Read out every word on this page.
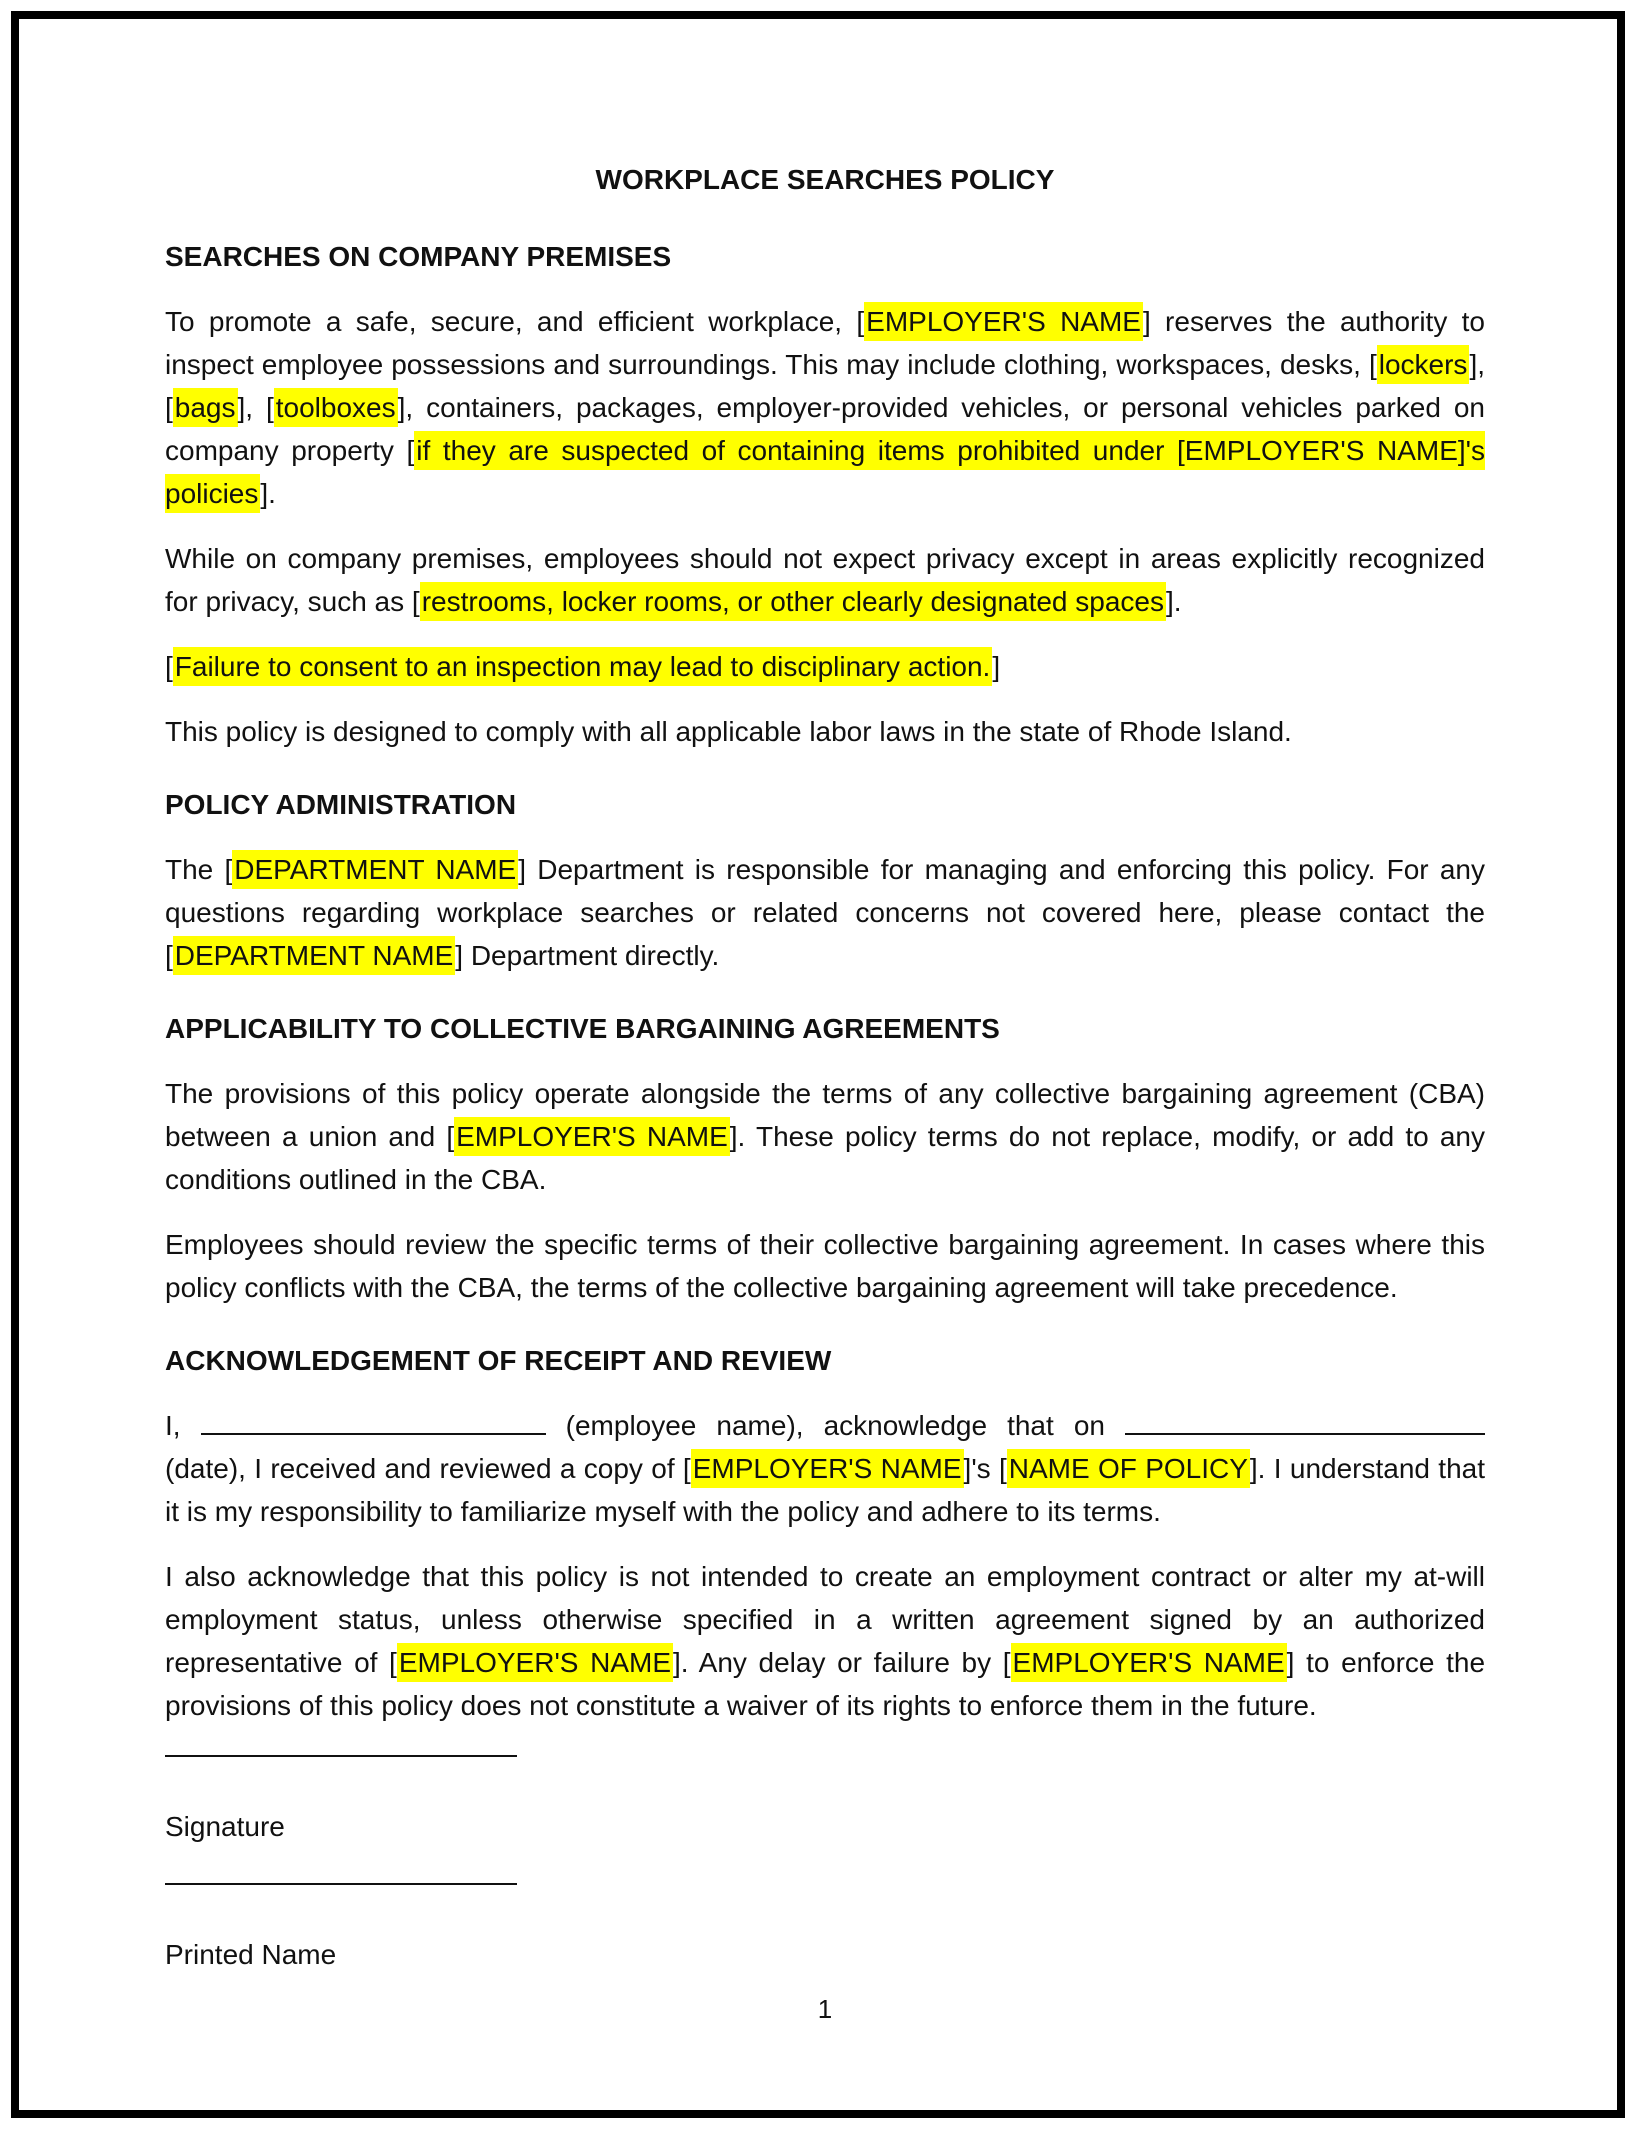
WORKPLACE SEARCHES POLICY
SEARCHES ON COMPANY PREMISES

To promote a safe, secure, and efficient workplace, [EMPLOYER'S NAME] reserves the authority to inspect employee possessions and surroundings. This may include clothing, workspaces, desks, [lockers], [bags], [toolboxes], containers, packages, employer-provided vehicles, or personal vehicles parked on company property [if they are suspected of containing items prohibited under [EMPLOYER'S NAME]'s policies].

While on company premises, employees should not expect privacy except in areas explicitly recognized for privacy, such as [restrooms, locker rooms, or other clearly designated spaces].

[Failure to consent to an inspection may lead to disciplinary action.]

This policy is designed to comply with all applicable labor laws in the state of Rhode Island.

POLICY ADMINISTRATION

The [DEPARTMENT NAME] Department is responsible for managing and enforcing this policy. For any questions regarding workplace searches or related concerns not covered here, please contact the [DEPARTMENT NAME] Department directly.

APPLICABILITY TO COLLECTIVE BARGAINING AGREEMENTS

The provisions of this policy operate alongside the terms of any collective bargaining agreement (CBA) between a union and [EMPLOYER'S NAME]. These policy terms do not replace, modify, or add to any conditions outlined in the CBA.

Employees should review the specific terms of their collective bargaining agreement. In cases where this policy conflicts with the CBA, the terms of the collective bargaining agreement will take precedence.

ACKNOWLEDGEMENT OF RECEIPT AND REVIEW

I,	(employee name), acknowledge that on  (date), I received and reviewed a copy of [EMPLOYER'S NAME]'s [NAME OF POLICY]. I understand that it is my responsibility to familiarize myself with the policy and adhere to its terms.

I also acknowledge that this policy is not intended to create an employment contract or alter my at-will employment status, unless otherwise specified in a written agreement signed by an authorized representative of [EMPLOYER'S NAME]. Any delay or failure by [EMPLOYER'S NAME] to enforce the provisions of this policy does not constitute a waiver of its rights to enforce them in the future.

Signature

Printed Name

1
